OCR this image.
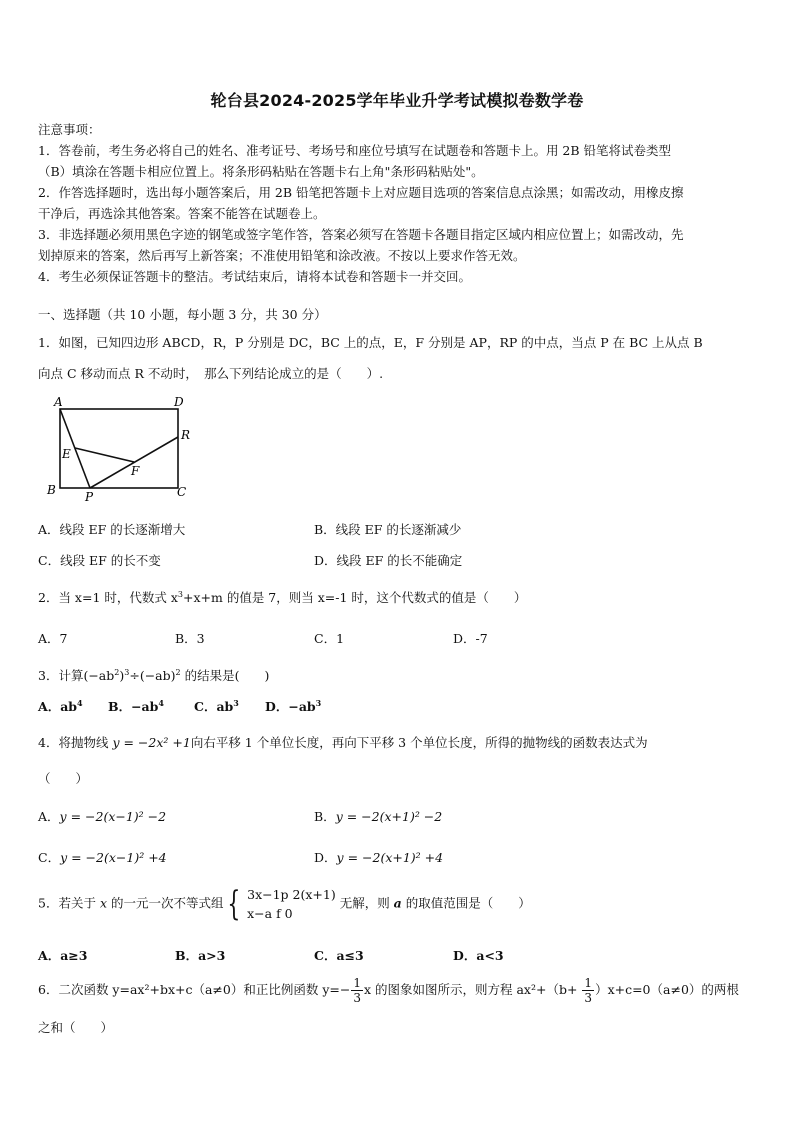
轮台县2024-2025学年毕业升学考试模拟卷数学卷
注意事项：
1．答卷前，考生务必将自己的姓名、准考证号、考场号和座位号填写在试题卷和答题卡上。用 2B 铅笔将试卷类型
（B）填涂在答题卡相应位置上。将条形码粘贴在答题卡右上角"条形码粘贴处"。
2．作答选择题时，选出每小题答案后，用 2B 铅笔把答题卡上对应题目选项的答案信息点涂黑；如需改动，用橡皮擦
干净后，再选涂其他答案。答案不能答在试题卷上。
3．非选择题必须用黑色字迹的钢笔或签字笔作答，答案必须写在答题卡各题目指定区域内相应位置上；如需改动，先
划掉原来的答案，然后再写上新答案；不准使用铅笔和涂改液。不按以上要求作答无效。
4．考生必须保证答题卡的整洁。考试结束后，请将本试卷和答题卡一并交回。
一、选择题（共 10 小题，每小题 3 分，共 30 分）
1．如图，已知四边形 ABCD，R，P 分别是 DC，BC 上的点，E，F 分别是 AP，RP 的中点，当点 P 在 BC 上从点 B
向点 C 移动而点 R 不动时，　那么下列结论成立的是（　　）.
A	D
R
E
F
B P	C
A．线段 EF 的长逐渐增大	B．线段 EF 的长逐渐减少
C．线段 EF 的长不变	D．线段 EF 的长不能确定
2．当 x=1 时，代数式 $x^3+x+m$ 的值是 7，则当 x=-1 时，这个代数式的值是（　　）
A．7	B．3	C．1	D．-7
3．计算$(-ab^2)^3\div(-ab)^2$ 的结果是(　　)
A．$ab^4$ B．$-ab^4$ C．$ab^3$ D．$-ab^3$
4．将抛物线 y = −2x² +1向右平移 1 个单位长度，再向下平移 3 个单位长度，所得的抛物线的函数表达式为
（　　）
A．y = −2(x−1)² −2	B．y = −2(x+1)² −2
C．y = −2(x−1)² +4	D．y = −2(x+1)² +4
5．若关于 x 的一元一次不等式组 { 3x−1p 2(x+1)
x−a f 0
无解，则 a 的取值范围是（　　）
A．a≥3	B．a>3	C．a≤3	D．a<3
6．二次函数 y=ax²+bx+c（a≠0）和正比例函数 $y=- \frac{1}{3}$ x 的图象如图所示，则方程 $ax^2+(b+ \frac{1}{3} )x+c=0(a\ne 0)$的两根
之和（　　）
